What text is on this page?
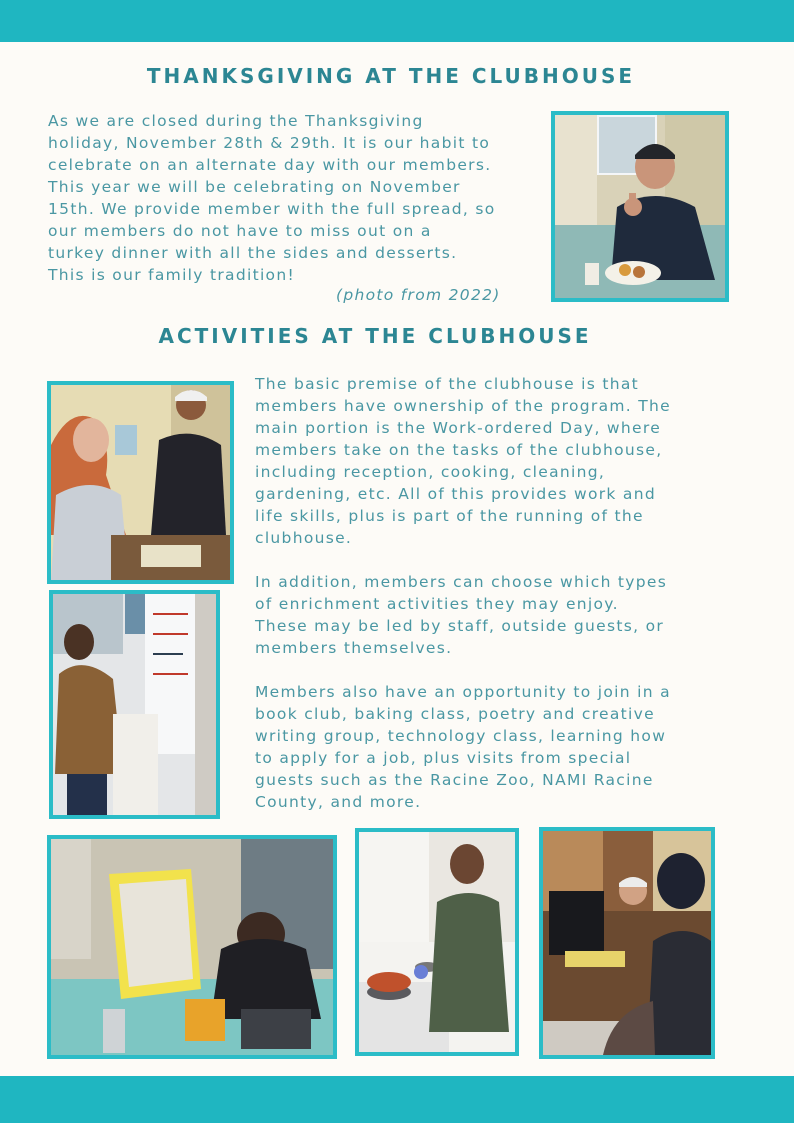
THANKSGIVING AT THE CLUBHOUSE

As we are closed during the Thanksgiving
holiday, November 28th & 29th. It is our habit to
celebrate on an alternate day with our members.
This year we will be celebrating on November
15th. We provide member with the full spread, so
our members do not have to miss out on a
turkey dinner with all the sides and desserts.
This is our family tradition!

(photo from 2022)

ACTIVITIES AT THE CLUBHOUSE

The basic premise of the clubhouse is that
members have ownership of the program. The
main portion is the Work-ordered Day, where
members take on the tasks of the clubhouse,
including reception, cooking, cleaning,
gardening, etc. All of this provides work and
life skills, plus is part of the running of the
clubhouse.

In addition, members can choose which types
of enrichment activities they may enjoy.
These may be led by staff, outside guests, or
members themselves.

Members also have an opportunity to join in a
book club, baking class, poetry and creative
writing group, technology class, learning how
to apply for a job, plus visits from special
guests such as the Racine Zoo, NAMI Racine
County, and more.
